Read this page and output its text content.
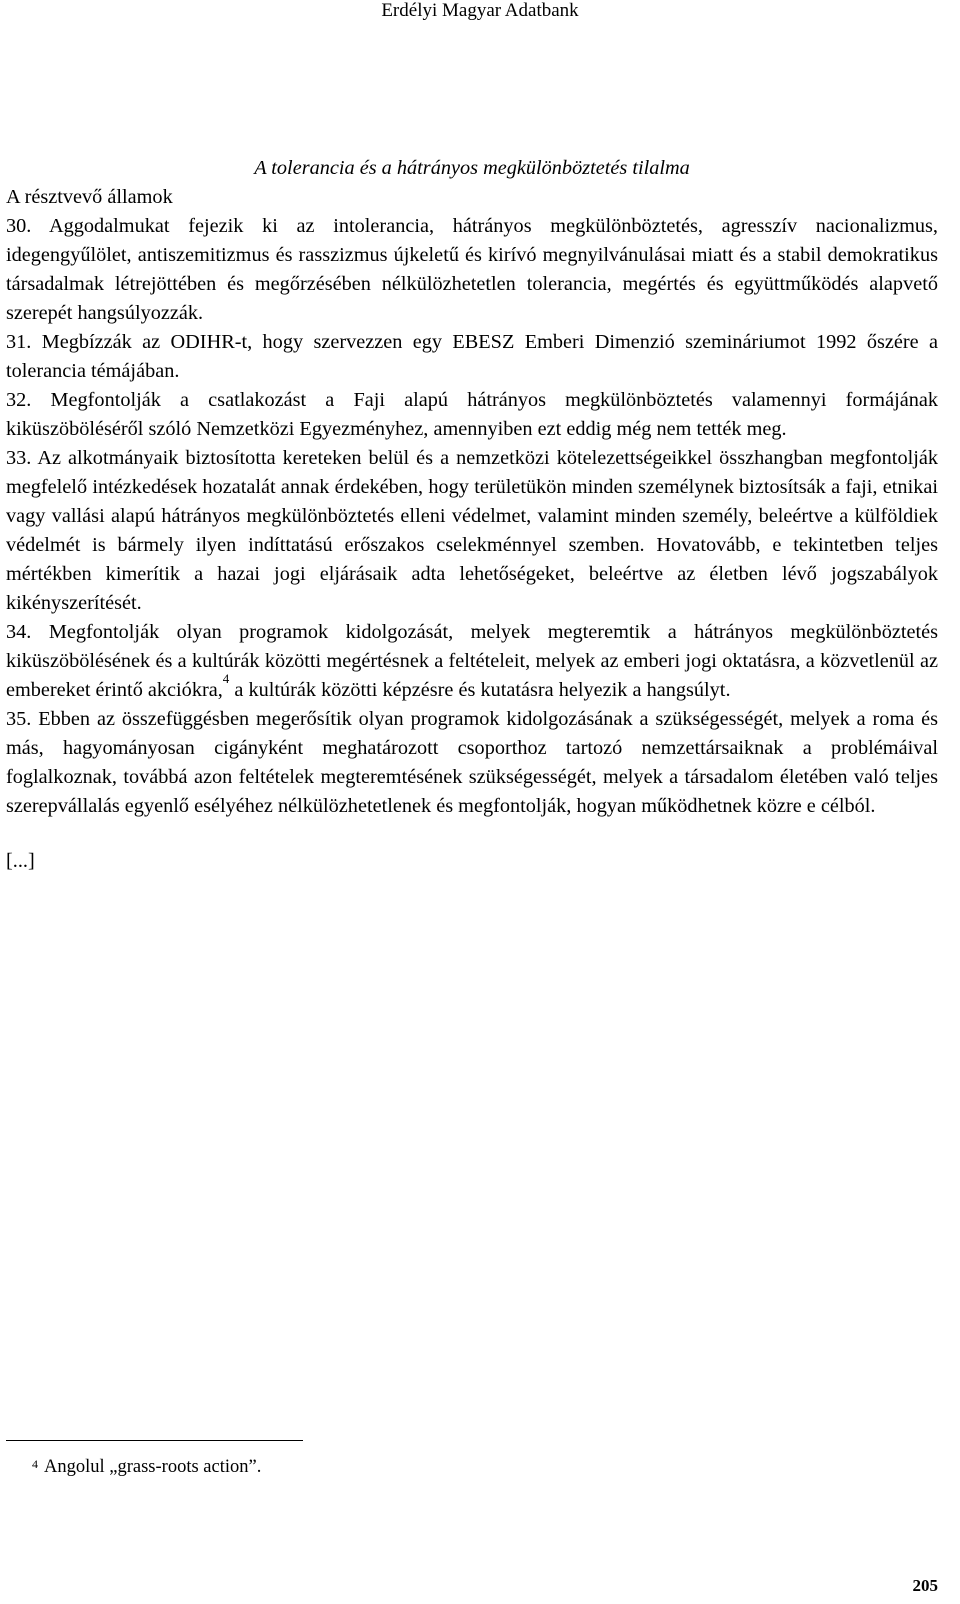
Erdélyi Magyar Adatbank

A tolerancia és a hátrányos megkülönböztetés tilalma

A résztvevő államok

30. Aggodalmukat fejezik ki az intolerancia, hátrányos megkülönböztetés, agresszív nacionalizmus, idegengyűlölet, antiszemitizmus és rasszizmus újkeletű és kirívó megnyilvánulásai miatt és a stabil demokratikus társadalmak létrejöttében és megőrzésében nélkülözhetetlen tolerancia, megértés és együttműködés alapvető szerepét hangsúlyozzák.

31. Megbízzák az ODIHR-t, hogy szervezzen egy EBESZ Emberi Dimenzió szemináriumot 1992 őszére a tolerancia témájában.

32. Megfontolják a csatlakozást a Faji alapú hátrányos megkülönböztetés valamennyi formájának kiküszöböléséről szóló Nemzetközi Egyezményhez, amennyiben ezt eddig még nem tették meg.

33. Az alkotmányaik biztosította kereteken belül és a nemzetközi kötelezettségeikkel összhangban megfontolják megfelelő intézkedések hozatalát annak érdekében, hogy területükön minden személynek biztosítsák a faji, etnikai vagy vallási alapú hátrányos megkülönböztetés elleni védelmet, valamint minden személy, beleértve a külföldiek védelmét is bármely ilyen indíttatású erőszakos cselekménnyel szemben. Hovatovább, e tekintetben teljes mértékben kimerítik a hazai jogi eljárásaik adta lehetőségeket, beleértve az életben lévő jogszabályok kikényszerítését.

34. Megfontolják olyan programok kidolgozását, melyek megteremtik a hátrányos megkülönböztetés kiküszöbölésének és a kultúrák közötti megértésnek a feltételeit, melyek az emberi jogi oktatásra, a közvetlenül az embereket érintő akciókra,$^4$ a kultúrák közötti képzésre és kutatásra helyezik a hangsúlyt.

35. Ebben az összefüggésben megerősítik olyan programok kidolgozásának a szükségességét, melyek a roma és más, hagyományosan cigányként meghatározott csoporthoz tartozó nemzettársaiknak a problémáival foglalkoznak, továbbá azon feltételek megteremtésének szükségességét, melyek a társadalom életében való teljes szerepvállalás egyenlő esélyéhez nélkülözhetetlenek és megfontolják, hogyan működhetnek közre e célból.

[...]

$^4$ Angolul „grass-roots action”.
205
